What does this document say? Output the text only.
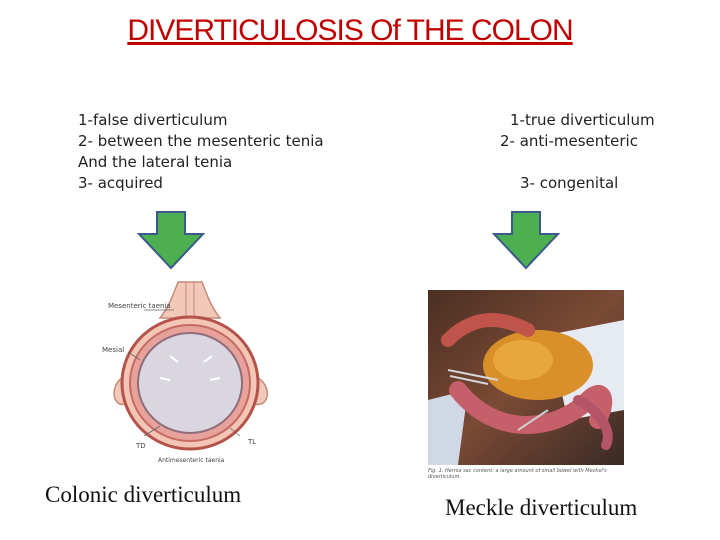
DIVERTICULOSIS Of THE COLON
1-false diverticulum
2- between the mesenteric tenia
And the lateral tenia
3- acquired
1-true diverticulum
2- anti-mesenteric
3- congenital
Mesenteric taenia
Mesial
TD	TL
Antimesenteric taenia
Colonic diverticulum
Fig. 1. Hernia sac content: a large amount of small bowel with Meckel's diverticulum.
Meckle diverticulum
